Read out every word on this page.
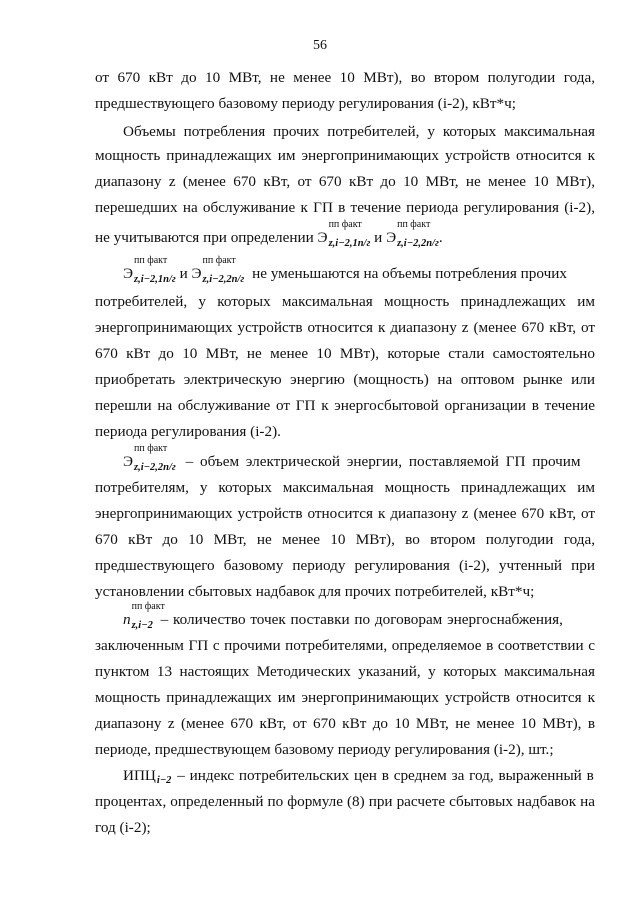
56
от 670 кВт до 10 МВт, не менее 10 МВт), во втором полугодии года,
предшествующего базовому периоду регулирования (i-2), кВт*ч;
Объемы потребления прочих потребителей, у которых максимальная
мощность принадлежащих им энергопринимающих устройств относится к
диапазону z (менее 670 кВт, от 670 кВт до 10 МВт, не менее 10 МВт),
перешедших на обслуживание к ГП в течение периода регулирования (i-2),
не учитываются при определении Э
пп факт
$_{z,i-2,1п/г}$ и Э
пп факт
$_{z,i-2,2п/г}$.
Э
пп факт
$_{z,i-2,1п/г}$ и Э
пп факт
$_{z,i-2,2п/г}$ не уменьшаются на объемы потребления прочих
потребителей, у которых максимальная мощность принадлежащих им
энергопринимающих устройств относится к диапазону z (менее 670 кВт, от
670 кВт до 10 МВт, не менее 10 МВт), которые стали самостоятельно
приобретать электрическую энергию (мощность) на оптовом рынке или
перешли на обслуживание от ГП к энергосбытовой организации в течение
периода регулирования (i-2).
Э
пп факт
$_{z,i-2,2п/г}$ – объем электрической энергии, поставляемой ГП прочим
потребителям, у которых максимальная мощность принадлежащих им
энергопринимающих устройств относится к диапазону z (менее 670 кВт, от
670 кВт до 10 МВт, не менее 10 МВт), во втором полугодии года,
предшествующего базовому периоду регулирования (i-2), учтенный при
установлении сбытовых надбавок для прочих потребителей, кВт*ч;
n
пп факт
$_{z,i-2}$ – количество точек поставки по договорам энергоснабжения,
заключенным ГП с прочими потребителями, определяемое в соответствии с
пунктом 13 настоящих Методических указаний, у которых максимальная
мощность принадлежащих им энергопринимающих устройств относится к
диапазону z (менее 670 кВт, от 670 кВт до 10 МВт, не менее 10 МВт), в
периоде, предшествующем базовому периоду регулирования (i-2), шт.;
ИПЦi−2 – индекс потребительских цен в среднем за год, выраженный в
процентах, определенный по формуле (8) при расчете сбытовых надбавок на
год (i-2);
